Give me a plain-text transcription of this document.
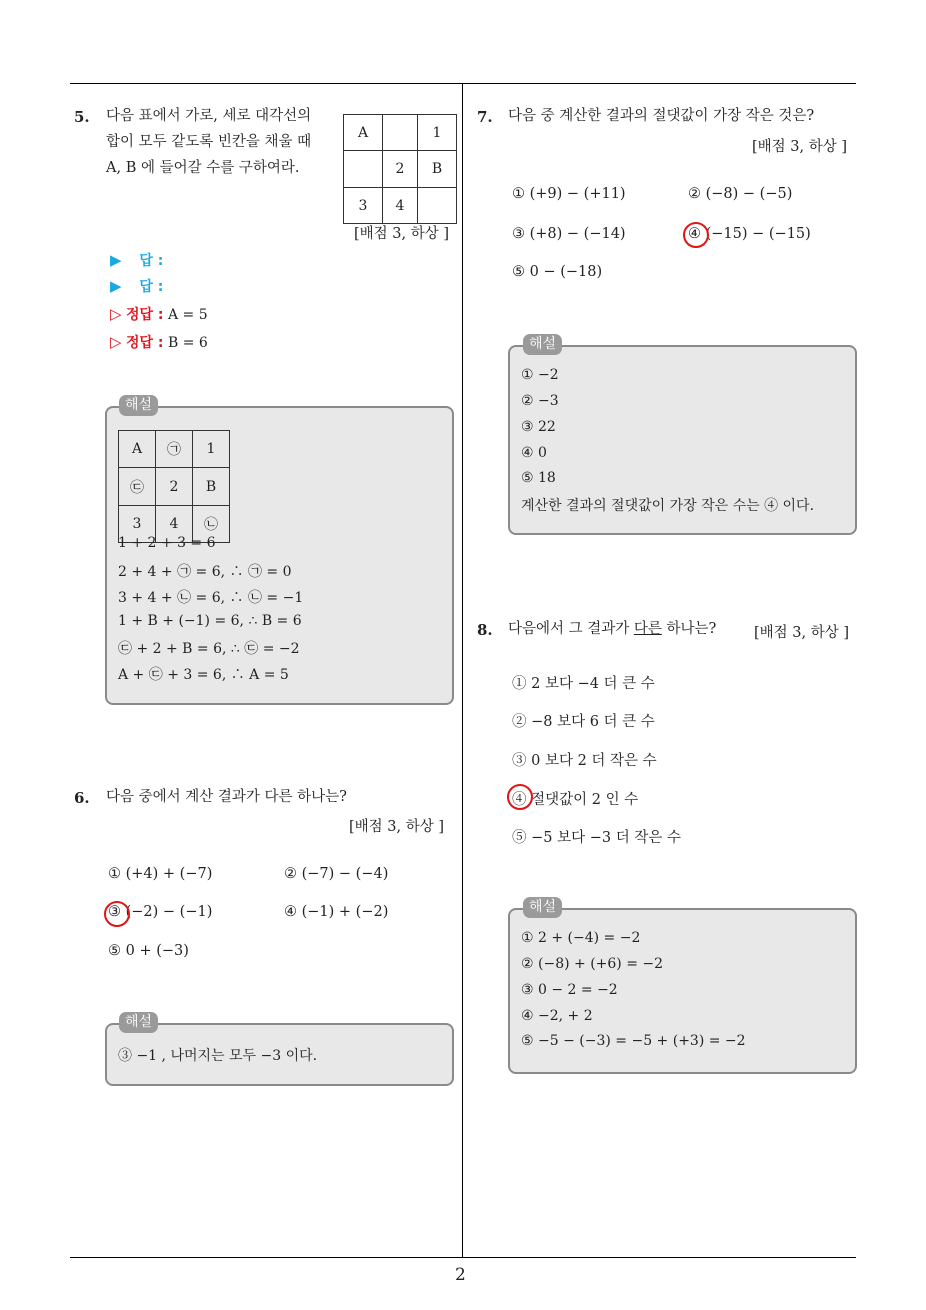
2
5. 다음 표에서 가로, 세로 대각선의
합이 모두 같도록 빈칸을 채울 때
A, B 에 들어갈 수를 구하여라.
A		1
	2	B
3	4	
[배점 3, 하상 ]
▶ 답 :
▶ 답 :
▷ 정답 : A = 5
▷ 정답 : B = 6
해설
A	㉠	1
㉢	2	B
3	4	㉡
1 + 2 + 3 = 6
2 + 4 + ㉠ = 6, ∴ ㉠ = 0
3 + 4 + ㉡ = 6, ∴ ㉡ = −1
1 + B + (−1) = 6, ∴ B = 6
㉢ + 2 + B = 6, ∴ ㉢ = −2
A + ㉢ + 3 = 6, ∴ A = 5
6. 다음 중에서 계산 결과가 다른 하나는?
[배점 3, 하상 ]
① (+4) + (−7)	② (−7) − (−4)
③ (−2) − (−1)	④ (−1) + (−2)
⑤ 0 + (−3)
해설
③ −1 , 나머지는 모두 −3 이다.
7. 다음 중 계산한 결과의 절댓값이 가장 작은 것은?
[배점 3, 하상 ]
① (+9) − (+11)	② (−8) − (−5)
③ (+8) − (−14)	④ (−15) − (−15)
⑤ 0 − (−18)
해설
① −2
② −3
③ 22
④ 0
⑤ 18
계산한 결과의 절댓값이 가장 작은 수는 ④ 이다.
8. 다음에서 그 결과가 다른 하나는?	[배점 3, 하상 ]
① 2 보다 −4 더 큰 수
② −8 보다 6 더 큰 수
③ 0 보다 2 더 작은 수
④ 절댓값이 2 인 수
⑤ −5 보다 −3 더 작은 수
해설
① 2 + (−4) = −2
② (−8) + (+6) = −2
③ 0 − 2 = −2
④ −2, + 2
⑤ −5 − (−3) = −5 + (+3) = −2
